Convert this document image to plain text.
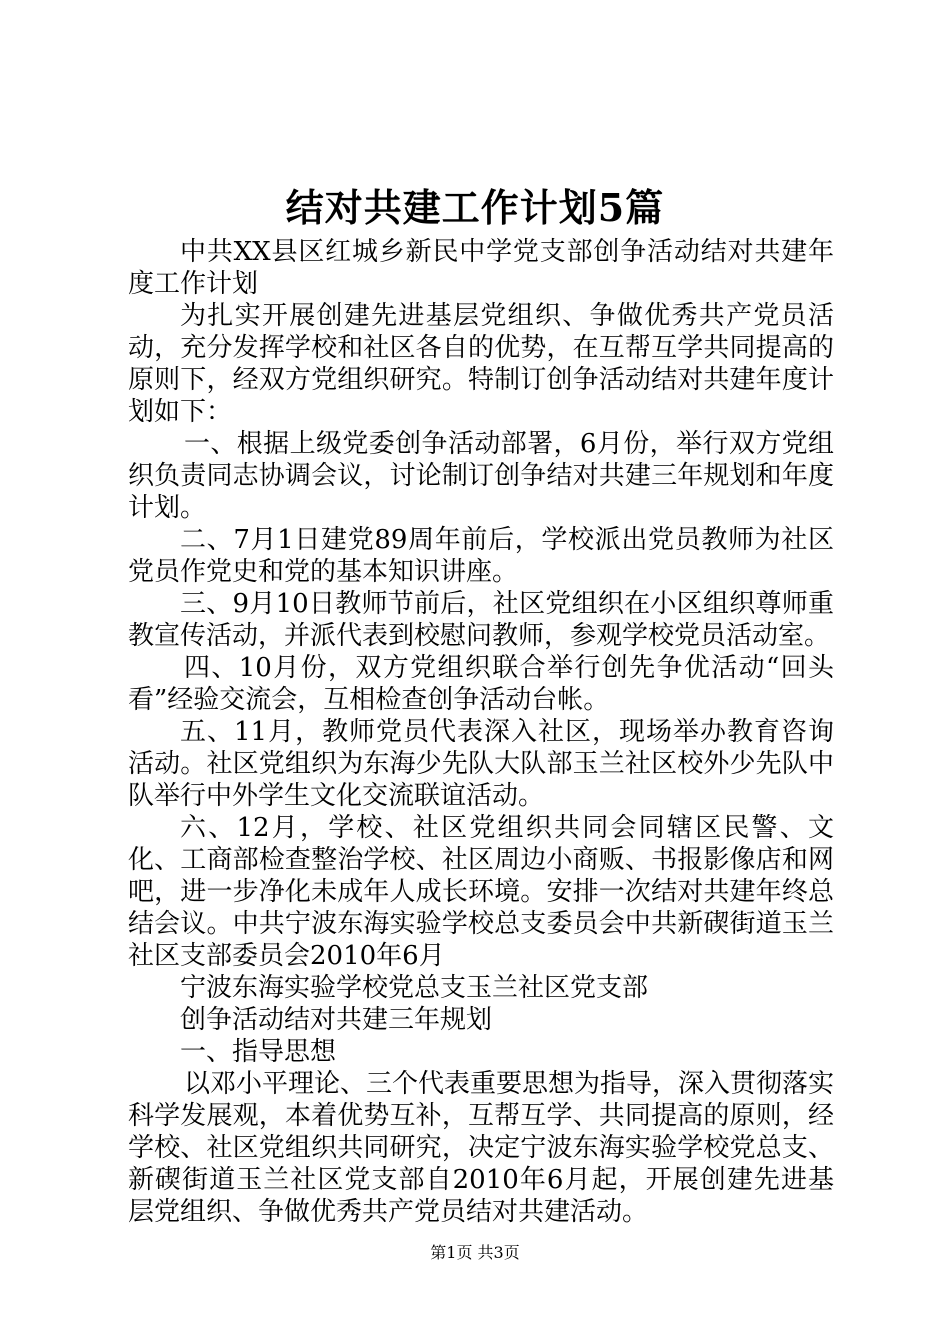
结对共建工作计划5篇

中共XX县区红城乡新民中学党支部创争活动结对共建年度工作计划

为扎实开展创建先进基层党组织、争做优秀共产党员活动，充分发挥学校和社区各自的优势，在互帮互学共同提高的原则下，经双方党组织研究。特制订创争活动结对共建年度计划如下：

一、根据上级党委创争活动部署，6月份，举行双方党组织负责同志协调会议，讨论制订创争结对共建三年规划和年度计划。

二、7月1日建党89周年前后，学校派出党员教师为社区党员作党史和党的基本知识讲座。

三、9月10日教师节前后，社区党组织在小区组织尊师重教宣传活动，并派代表到校慰问教师，参观学校党员活动室。

四、10月份，双方党组织联合举行创先争优活动“回头看”经验交流会，互相检查创争活动台帐。

五、11月，教师党员代表深入社区，现场举办教育咨询活动。社区党组织为东海少先队大队部玉兰社区校外少先队中队举行中外学生文化交流联谊活动。

六、12月，学校、社区党组织共同会同辖区民警、文化、工商部检查整治学校、社区周边小商贩、书报影像店和网吧，进一步净化未成年人成长环境。安排一次结对共建年终总结会议。中共宁波东海实验学校总支委员会中共新碶街道玉兰社区支部委员会2010年6月

宁波东海实验学校党总支玉兰社区党支部

创争活动结对共建三年规划

一、指导思想

以邓小平理论、三个代表重要思想为指导，深入贯彻落实科学发展观，本着优势互补，互帮互学、共同提高的原则，经学校、社区党组织共同研究，决定宁波东海实验学校党总支、新碶街道玉兰社区党支部自2010年6月起，开展创建先进基层党组织、争做优秀共产党员结对共建活动。

第1页 共3页
